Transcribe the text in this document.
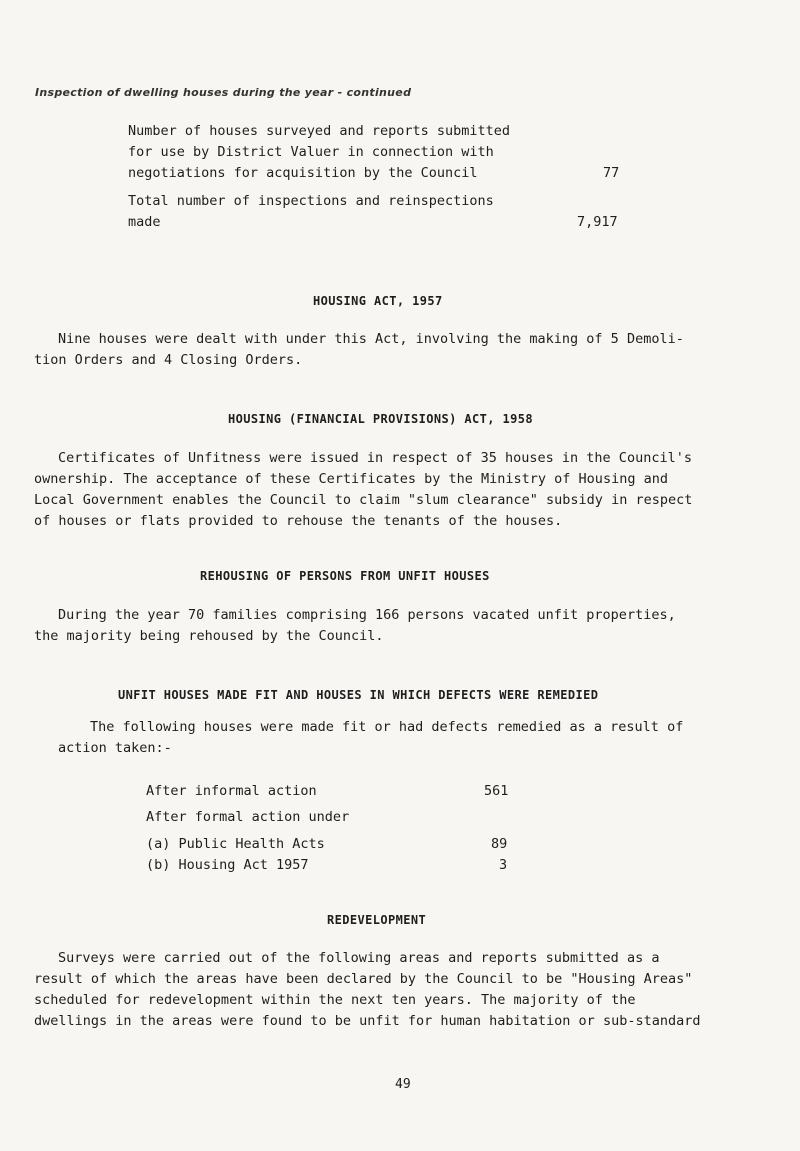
Inspection of dwelling houses during the year - continued
Number of houses surveyed and reports submitted
for use by District Valuer in connection with
negotiations for acquisition by the Council	77
Total number of inspections and reinspections
made	7,917
HOUSING ACT, 1957
Nine houses were dealt with under this Act, involving the making of 5 Demoli-
tion Orders and 4 Closing Orders.
HOUSING (FINANCIAL PROVISIONS) ACT, 1958
Certificates of Unfitness were issued in respect of 35 houses in the Council's
ownership. The acceptance of these Certificates by the Ministry of Housing and
Local Government enables the Council to claim "slum clearance" subsidy in respect
of houses or flats provided to rehouse the tenants of the houses.
REHOUSING OF PERSONS FROM UNFIT HOUSES
During the year 70 families comprising 166 persons vacated unfit properties,
the majority being rehoused by the Council.
UNFIT HOUSES MADE FIT AND HOUSES IN WHICH DEFECTS WERE REMEDIED
The following houses were made fit or had defects remedied as a result of
action taken:-
After informal action	561
After formal action under
(a) Public Health Acts	89
(b) Housing Act 1957	3
REDEVELOPMENT
Surveys were carried out of the following areas and reports submitted as a
result of which the areas have been declared by the Council to be "Housing Areas"
scheduled for redevelopment within the next ten years. The majority of the
dwellings in the areas were found to be unfit for human habitation or sub-standard
49
